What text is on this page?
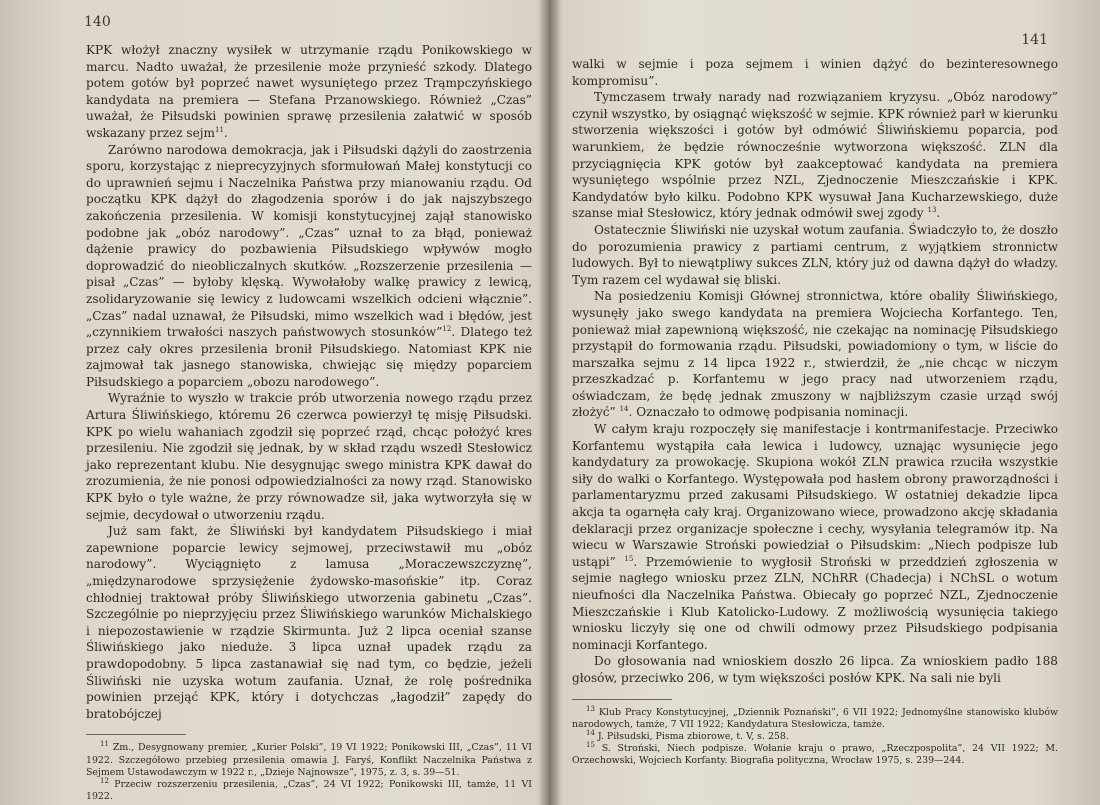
140

KPK włożył znaczny wysiłek w utrzymanie rządu Ponikowskiego w marcu. Nadto uważał, że przesilenie może przynieść szkody. Dlatego potem gotów był poprzeć nawet wysuniętego przez Trąmpczyńskiego kandydata na premiera — Stefana Przanowskiego. Również „Czas” uważał, że Piłsudski powinien sprawę przesilenia załatwić w sposób wskazany przez sejm$^{11}$.

Zarówno narodowa demokracja, jak i Piłsudski dążyli do zaostrzenia sporu, korzystając z nieprecyzyjnych sformułowań Małej konstytucji co do uprawnień sejmu i Naczelnika Państwa przy mianowaniu rządu. Od początku KPK dążył do złagodzenia sporów i do jak najszybszego zakończenia przesilenia. W komisji konstytucyjnej zajął stanowisko podobne jak „obóz narodowy”. „Czas” uznał to za błąd, ponieważ dążenie prawicy do pozbawienia Piłsudskiego wpływów mogło doprowadzić do nieobliczalnych skutków. „Rozszerzenie przesilenia — pisał „Czas” — byłoby klęską. Wywołałoby walkę prawicy z lewicą, zsolidaryzowanie się lewicy z ludowcami wszelkich odcieni włącznie”. „Czas” nadal uznawał, że Piłsudski, mimo wszelkich wad i błędów, jest „czynnikiem trwałości naszych państwowych stosunków”$^{12}$. Dlatego też przez cały okres przesilenia bronił Piłsudskiego. Natomiast KPK nie zajmował tak jasnego stanowiska, chwiejąc się między poparciem Piłsudskiego a poparciem „obozu narodowego”.

Wyraźnie to wyszło w trakcie prób utworzenia nowego rządu przez Artura Śliwińskiego, któremu 26 czerwca powierzył tę misję Piłsudski. KPK po wielu wahaniach zgodził się poprzeć rząd, chcąc położyć kres przesileniu. Nie zgodził się jednak, by w skład rządu wszedł Stesłowicz jako reprezentant klubu. Nie desygnując swego ministra KPK dawał do zrozumienia, że nie ponosi odpowiedzialności za nowy rząd. Stanowisko KPK było o tyle ważne, że przy równowadze sił, jaka wytworzyła się w sejmie, decydował o utworzeniu rządu.

Już sam fakt, że Śliwiński był kandydatem Piłsudskiego i miał zapewnione poparcie lewicy sejmowej, przeciwstawił mu „obóz narodowy”. Wyciągnięto z lamusa „Moraczewszczyznę”, „międzynarodowe sprzysiężenie żydowsko-masońskie” itp. Coraz chłodniej traktował próby Śliwińskiego utworzenia gabinetu „Czas”. Szczególnie po nieprzyjęciu przez Śliwińskiego warunków Michalskiego i niepozostawienie w rządzie Skirmunta. Już 2 lipca oceniał szanse Śliwińskiego jako nieduże. 3 lipca uznał upadek rządu za prawdopodobny. 5 lipca zastanawiał się nad tym, co będzie, jeżeli Śliwiński nie uzyska wotum zaufania. Uznał, że rolę pośrednika powinien przejąć KPK, który i dotychczas „łagodził” zapędy do bratobójczej

$^{11}$ Zm., Desygnowany premier, „Kurier Polski”, 19 VI 1922; Ponikowski III, „Czas”, 11 VI 1922. Szczegółowo przebieg przesilenia omawia J. Faryś, Konflikt Naczelnika Państwa z Sejmem Ustawodawczym w 1922 r., „Dzieje Najnowsze”, 1975, z. 3, s. 39—51.

$^{12}$ Przeciw rozszerzeniu przesilenia, „Czas”, 24 VI 1922; Ponikowski III, tamże, 11 VI 1922.

141

walki w sejmie i poza sejmem i winien dążyć do bezinteresownego kompromisu”.

Tymczasem trwały narady nad rozwiązaniem kryzysu. „Obóz narodowy” czynił wszystko, by osiągnąć większość w sejmie. KPK również parł w kierunku stworzenia większości i gotów był odmówić Śliwińskiemu poparcia, pod warunkiem, że będzie równocześnie wytworzona większość. ZLN dla przyciągnięcia KPK gotów był zaakceptować kandydata na premiera wysuniętego wspólnie przez NZL, Zjednoczenie Mieszczańskie i KPK. Kandydatów było kilku. Podobno KPK wysuwał Jana Kucharzewskiego, duże szanse miał Stesłowicz, który jednak odmówił swej zgody $^{13}$.

Ostatecznie Śliwiński nie uzyskał wotum zaufania. Świadczyło to, że doszło do porozumienia prawicy z partiami centrum, z wyjątkiem stronnictw ludowych. Był to niewątpliwy sukces ZLN, który już od dawna dążył do władzy. Tym razem cel wydawał się bliski.

Na posiedzeniu Komisji Głównej stronnictwa, które obaliły Śliwińskiego, wysunęły jako swego kandydata na premiera Wojciecha Korfantego. Ten, ponieważ miał zapewnioną większość, nie czekając na nominację Piłsudskiego przystąpił do formowania rządu. Piłsudski, powiadomiony o tym, w liście do marszałka sejmu z 14 lipca 1922 r., stwierdził, że „nie chcąc w niczym przeszkadzać p. Korfantemu w jego pracy nad utworzeniem rządu, oświadczam, że będę jednak zmuszony w najbliższym czasie urząd swój złożyć” $^{14}$. Oznaczało to odmowę podpisania nominacji.

W całym kraju rozpoczęły się manifestacje i kontrmanifestacje. Przeciwko Korfantemu wystąpiła cała lewica i ludowcy, uznając wysunięcie jego kandydatury za prowokację. Skupiona wokół ZLN prawica rzuciła wszystkie siły do walki o Korfantego. Występowała pod hasłem obrony praworządności i parlamentaryzmu przed zakusami Piłsudskiego. W ostatniej dekadzie lipca akcja ta ogarnęła cały kraj. Organizowano wiece, prowadzono akcję składania deklaracji przez organizacje społeczne i cechy, wysyłania telegramów itp. Na wiecu w Warszawie Stroński powiedział o Piłsudskim: „Niech podpisze lub ustąpi” $^{15}$. Przemówienie to wygłosił Stroński w przeddzień zgłoszenia w sejmie nagłego wniosku przez ZLN, NChRR (Chadecja) i NChSL o wotum nieufności dla Naczelnika Państwa. Obiecały go poprzeć NZL, Zjednoczenie Mieszczańskie i Klub Katolicko-Ludowy. Z możliwością wysunięcia takiego wniosku liczyły się one od chwili odmowy przez Piłsudskiego podpisania nominacji Korfantego.

Do głosowania nad wnioskiem doszło 26 lipca. Za wnioskiem padło 188 głosów, przeciwko 206, w tym większości posłów KPK. Na sali nie byli

$^{13}$ Klub Pracy Konstytucyjnej, „Dziennik Poznański”, 6 VII 1922; Jednomyślne stanowisko klubów narodowych, tamże, 7 VII 1922; Kandydatura Stesłowicza, tamże.

$^{14}$ J. Piłsudski, Pisma zbiorowe, t. V, s. 258.

$^{15}$ S. Stroński, Niech podpisze. Wołanie kraju o prawo, „Rzeczpospolita”, 24 VII 1922; M. Orzechowski, Wojciech Korfanty. Biografia polityczna, Wrocław 1975, s. 239—244.
